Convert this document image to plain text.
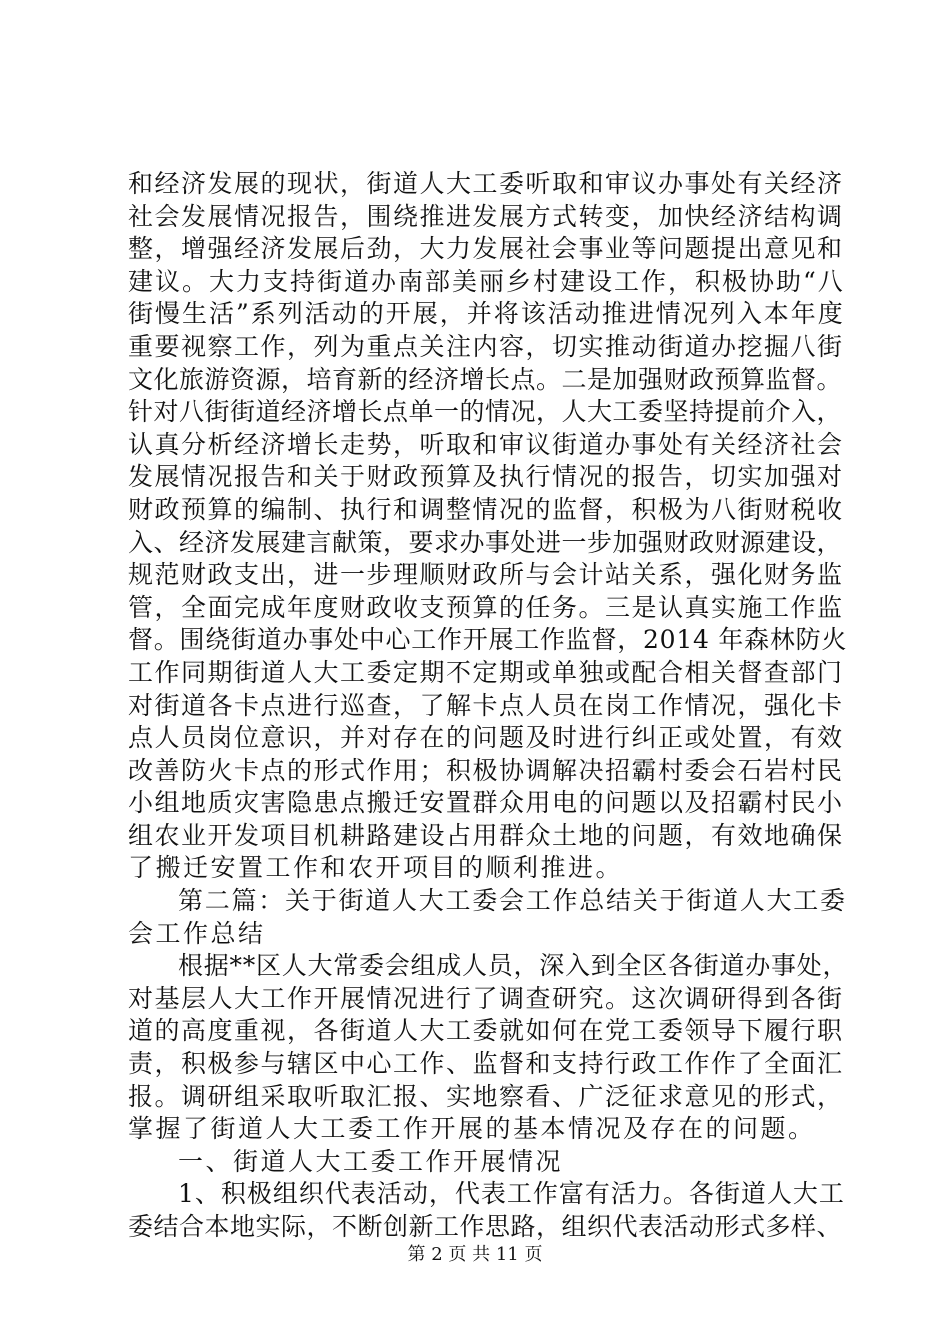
和经济发展的现状，街道人大工委听取和审议办事处有关经济
社会发展情况报告，围绕推进发展方式转变，加快经济结构调
整，增强经济发展后劲，大力发展社会事业等问题提出意见和
建议。大力支持街道办南部美丽乡村建设工作，积极协助“八
街慢生活”系列活动的开展，并将该活动推进情况列入本年度
重要视察工作，列为重点关注内容，切实推动街道办挖掘八街
文化旅游资源，培育新的经济增长点。二是加强财政预算监督。
针对八街街道经济增长点单一的情况，人大工委坚持提前介入，
认真分析经济增长走势，听取和审议街道办事处有关经济社会
发展情况报告和关于财政预算及执行情况的报告，切实加强对
财政预算的编制、执行和调整情况的监督，积极为八街财税收
入、经济发展建言献策，要求办事处进一步加强财政财源建设，
规范财政支出，进一步理顺财政所与会计站关系，强化财务监
管，全面完成年度财政收支预算的任务。三是认真实施工作监
督。围绕街道办事处中心工作开展工作监督，2014 年森林防火
工作同期街道人大工委定期不定期或单独或配合相关督查部门
对街道各卡点进行巡查，了解卡点人员在岗工作情况，强化卡
点人员岗位意识，并对存在的问题及时进行纠正或处置，有效
改善防火卡点的形式作用；积极协调解决招霸村委会石岩村民
小组地质灾害隐患点搬迁安置群众用电的问题以及招霸村民小
组农业开发项目机耕路建设占用群众土地的问题，有效地确保
了搬迁安置工作和农开项目的顺利推进。
第二篇：关于街道人大工委会工作总结关于街道人大工委
会工作总结
根据**区人大常委会组成人员，深入到全区各街道办事处，
对基层人大工作开展情况进行了调查研究。这次调研得到各街
道的高度重视，各街道人大工委就如何在党工委领导下履行职
责，积极参与辖区中心工作、监督和支持行政工作作了全面汇
报。调研组采取听取汇报、实地察看、广泛征求意见的形式，
掌握了街道人大工委工作开展的基本情况及存在的问题。
一、街道人大工委工作开展情况
1、积极组织代表活动，代表工作富有活力。各街道人大工
委结合本地实际，不断创新工作思路，组织代表活动形式多样、
第 2 页 共 11 页
